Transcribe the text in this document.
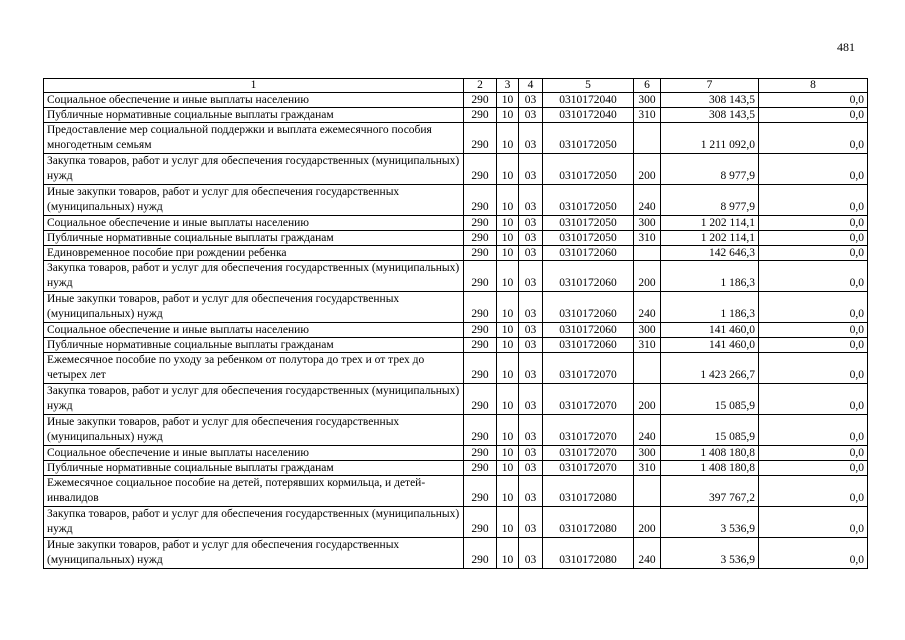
481
1	2	3	4	5	6	7	8
Социальное обеспечение и иные выплаты населению	290	10	03	0310172040	300	308 143,5	0,0
Публичные нормативные социальные выплаты гражданам	290	10	03	0310172040	310	308 143,5	0,0
Предоставление мер социальной поддержки и выплата ежемесячного пособия многодетным семьям	290	10	03	0310172050		1 211 092,0	0,0
Закупка товаров, работ и услуг для обеспечения государственных (муниципальных) нужд	290	10	03	0310172050	200	8 977,9	0,0
Иные закупки товаров, работ и услуг для обеспечения государственных (муниципальных) нужд	290	10	03	0310172050	240	8 977,9	0,0
Социальное обеспечение и иные выплаты населению	290	10	03	0310172050	300	1 202 114,1	0,0
Публичные нормативные социальные выплаты гражданам	290	10	03	0310172050	310	1 202 114,1	0,0
Единовременное пособие при рождении ребенка	290	10	03	0310172060		142 646,3	0,0
Закупка товаров, работ и услуг для обеспечения государственных (муниципальных) нужд	290	10	03	0310172060	200	1 186,3	0,0
Иные закупки товаров, работ и услуг для обеспечения государственных (муниципальных) нужд	290	10	03	0310172060	240	1 186,3	0,0
Социальное обеспечение и иные выплаты населению	290	10	03	0310172060	300	141 460,0	0,0
Публичные нормативные социальные выплаты гражданам	290	10	03	0310172060	310	141 460,0	0,0
Ежемесячное пособие по уходу за ребенком от полутора до трех и от трех до четырех лет	290	10	03	0310172070		1 423 266,7	0,0
Закупка товаров, работ и услуг для обеспечения государственных (муниципальных) нужд	290	10	03	0310172070	200	15 085,9	0,0
Иные закупки товаров, работ и услуг для обеспечения государственных (муниципальных) нужд	290	10	03	0310172070	240	15 085,9	0,0
Социальное обеспечение и иные выплаты населению	290	10	03	0310172070	300	1 408 180,8	0,0
Публичные нормативные социальные выплаты гражданам	290	10	03	0310172070	310	1 408 180,8	0,0
Ежемесячное социальное пособие на детей, потерявших кормильца, и детей-инвалидов	290	10	03	0310172080		397 767,2	0,0
Закупка товаров, работ и услуг для обеспечения государственных (муниципальных) нужд	290	10	03	0310172080	200	3 536,9	0,0
Иные закупки товаров, работ и услуг для обеспечения государственных (муниципальных) нужд	290	10	03	0310172080	240	3 536,9	0,0
